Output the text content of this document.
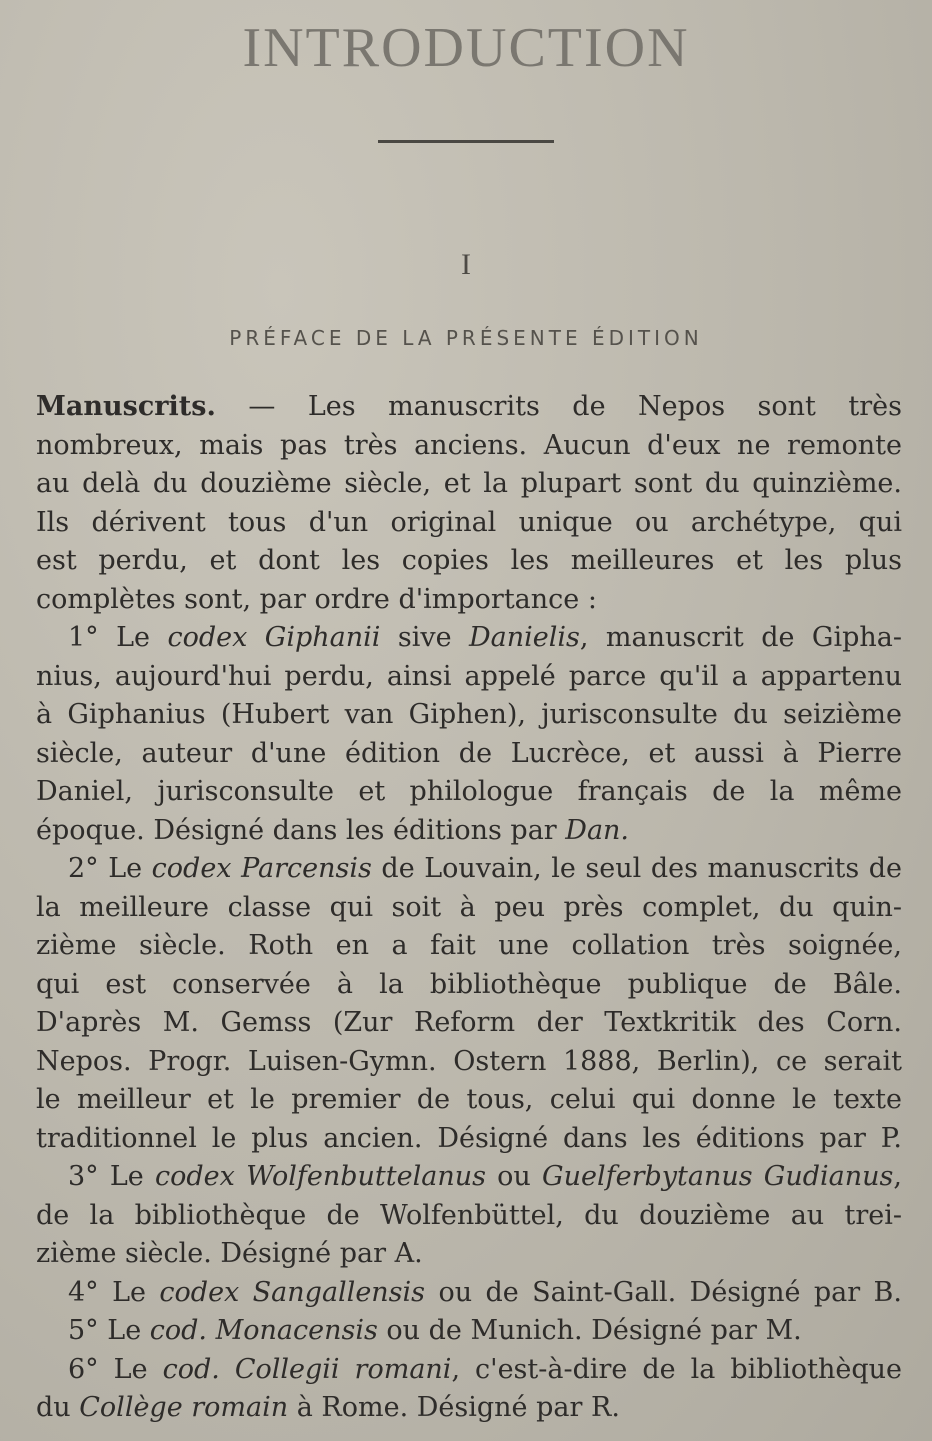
INTRODUCTION
I
PRÉFACE DE LA PRÉSENTE ÉDITION
Manuscrits. — Les manuscrits de Nepos sont très
nombreux, mais pas très anciens. Aucun d'eux ne remonte
au delà du douzième siècle, et la plupart sont du quinzième.
Ils dérivent tous d'un original unique ou archétype, qui
est perdu, et dont les copies les meilleures et les plus
complètes sont, par ordre d'importance :
1° Le codex Giphanii sive Danielis, manuscrit de Gipha-
nius, aujourd'hui perdu, ainsi appelé parce qu'il a appartenu
à Giphanius (Hubert van Giphen), jurisconsulte du seizième
siècle, auteur d'une édition de Lucrèce, et aussi à Pierre
Daniel, jurisconsulte et philologue français de la même
époque. Désigné dans les éditions par Dan.
2° Le codex Parcensis de Louvain, le seul des manuscrits de
la meilleure classe qui soit à peu près complet, du quin-
zième siècle. Roth en a fait une collation très soignée,
qui est conservée à la bibliothèque publique de Bâle.
D'après M. Gemss (Zur Reform der Textkritik des Corn.
Nepos. Progr. Luisen-Gymn. Ostern 1888, Berlin), ce serait
le meilleur et le premier de tous, celui qui donne le texte
traditionnel le plus ancien. Désigné dans les éditions par P.
3° Le codex Wolfenbuttelanus ou Guelferbytanus Gudianus,
de la bibliothèque de Wolfenbüttel, du douzième au trei-
zième siècle. Désigné par A.
4° Le codex Sangallensis ou de Saint-Gall. Désigné par B.
5° Le cod. Monacensis ou de Munich. Désigné par M.
6° Le cod. Collegii romani, c'est-à-dire de la bibliothèque
du Collège romain à Rome. Désigné par R.
